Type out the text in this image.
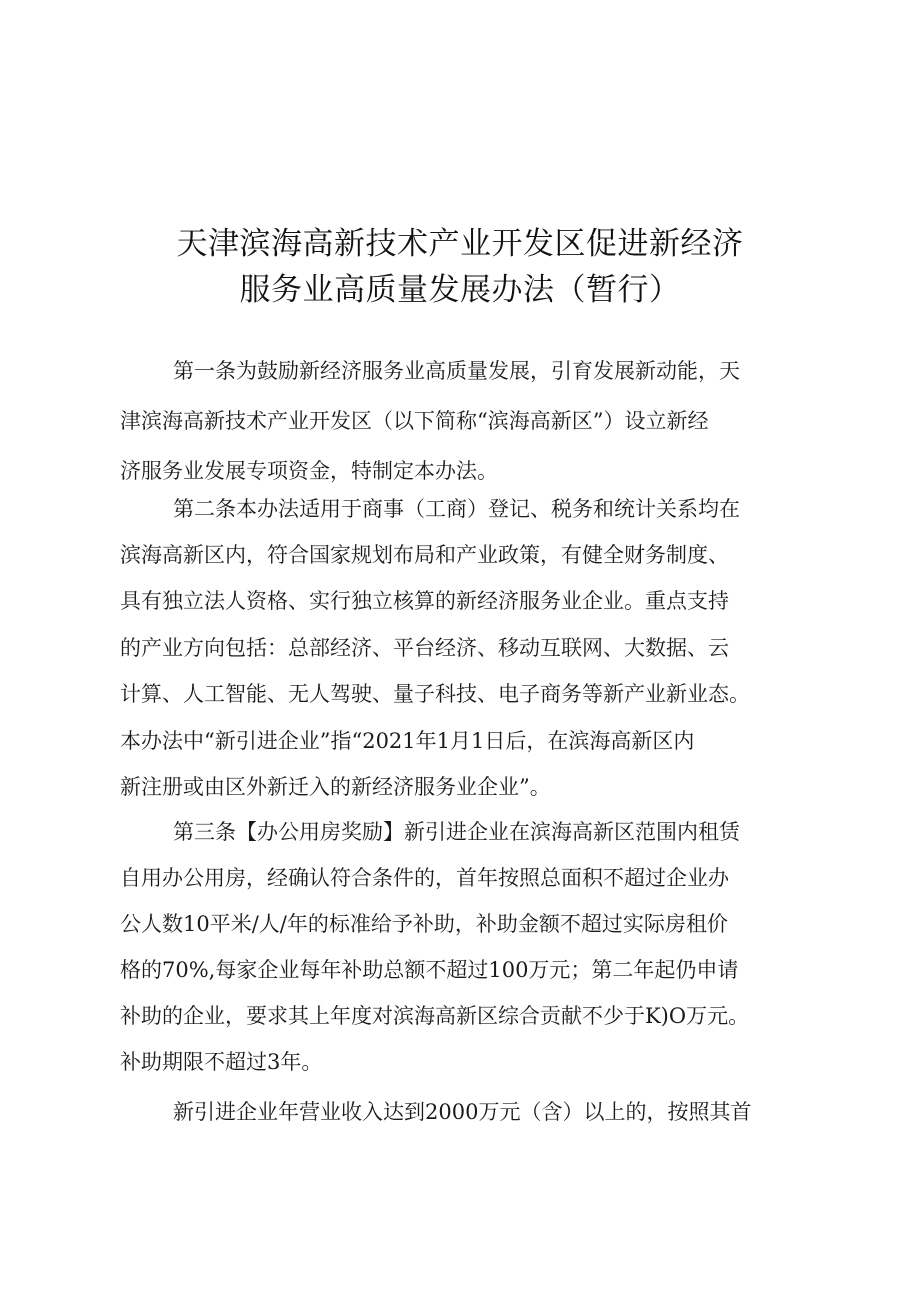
天津滨海高新技术产业开发区促进新经济
服务业高质量发展办法（暂行）
第一条为鼓励新经济服务业高质量发展，引育发展新动能，天
津滨海高新技术产业开发区（以下简称“滨海高新区”）设立新经
济服务业发展专项资金，特制定本办法。
第二条本办法适用于商事（工商）登记、税务和统计关系均在
滨海高新区内，符合国家规划布局和产业政策，有健全财务制度、
具有独立法人资格、实行独立核算的新经济服务业企业。重点支持
的产业方向包括：总部经济、平台经济、移动互联网、大数据、云
计算、人工智能、无人驾驶、量子科技、电子商务等新产业新业态。
本办法中“新引进企业”指“2021年1月1日后，在滨海高新区内
新注册或由区外新迁入的新经济服务业企业”。
第三条【办公用房奖励】新引进企业在滨海高新区范围内租赁
自用办公用房，经确认符合条件的，首年按照总面积不超过企业办
公人数10平米/人/年的标准给予补助，补助金额不超过实际房租价
格的70%,每家企业每年补助总额不超过100万元；第二年起仍申请
补助的企业，要求其上年度对滨海高新区综合贡献不少于K)O万元。
补助期限不超过3年。
新引进企业年营业收入达到2000万元（含）以上的，按照其首
